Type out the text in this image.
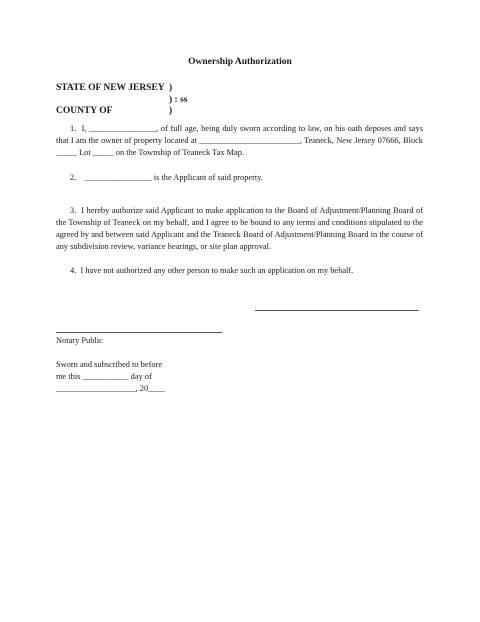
Ownership Authorization
STATE OF NEW JERSEY )
) : ss
COUNTY OF	)
1.  I, ________________, of full age, being duly sworn according to law, on his oath deposes and says that I am the owner of property located at ________________________, Teaneck, New Jersey 07666, Block _____ Lot _____ on the Township of Teaneck Tax Map.
2.    ________________ is the Applicant of said property.
3.  I hereby authorize said Applicant to make application to the Board of Adjustment/Planning Board of the Township of Teaneck on my behalf, and I agree to be bound to any terms and conditions stipulated to the agreed by and between said Applicant and the Teaneck Board of Adjustment/Planning Board in the course of any subdivision review, variance hearings, or site plan approval.
4.  I have not authorized any other person to make such an application on my behalf.
Notary Public
Sworn and subscribed to before
me this ___________ day of
___________________, 20____
